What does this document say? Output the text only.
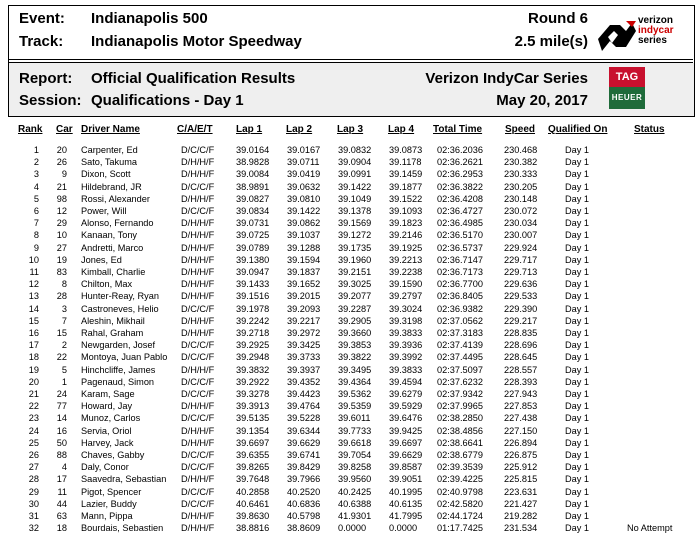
Event: Indianapolis 500
Track: Indianapolis Motor Speedway
Round 6
2.5 mile(s)
Report: Official Qualification Results
Session: Qualifications - Day 1
Verizon IndyCar Series
May 20, 2017
verizon
indycar
series
TAG
HEUER
Rank Car Driver Name	C/A/E/T Lap 1 Lap 2 Lap 3 Lap 4 Total Time Speed Qualified On	Status
1 20 Carpenter, Ed	D/C/C/F 39.0164 39.0167 39.0832 39.0873 02:36.2036 230.468	Day 1
2 26 Sato, Takuma	D/H/H/F 38.9828 39.0711 39.0904 39.1178 02:36.2621 230.382	Day 1
3 9 Dixon, Scott	D/H/H/F 39.0084 39.0419 39.0991 39.1459 02:36.2953 230.333	Day 1
4 21 Hildebrand, JR	D/C/C/F 38.9891 39.0632 39.1422 39.1877 02:36.3822 230.205	Day 1
5 98 Rossi, Alexander	D/H/H/F 39.0827 39.0810 39.1049 39.1522 02:36.4208 230.148	Day 1
6 12 Power, Will	D/C/C/F 39.0834 39.1422 39.1378 39.1093 02:36.4727 230.072	Day 1
7 29 Alonso, Fernando	D/H/H/F 39.0731 39.0862 39.1569 39.1823 02:36.4985 230.034	Day 1
8 10 Kanaan, Tony	D/H/H/F 39.0725 39.1037 39.1272 39.2146 02:36.5170 230.007	Day 1
9 27 Andretti, Marco	D/H/H/F 39.0789 39.1288 39.1735 39.1925 02:36.5737 229.924	Day 1
10 19 Jones, Ed	D/H/H/F 39.1380 39.1594 39.1960 39.2213 02:36.7147 229.717	Day 1
11 83 Kimball, Charlie	D/H/H/F 39.0947 39.1837 39.2151 39.2238 02:36.7173 229.713	Day 1
12 8 Chilton, Max	D/H/H/F 39.1433 39.1652 39.3025 39.1590 02:36.7700 229.636	Day 1
13 28 Hunter-Reay, Ryan D/H/H/F 39.1516 39.2015 39.2077 39.2797 02:36.8405 229.533	Day 1
14 3 Castroneves, Helio D/C/C/F 39.1978 39.2093 39.2287 39.3024 02:36.9382 229.390	Day 1
15 7 Aleshin, Mikhail	D/H/H/F 39.2242 39.2217 39.2905 39.3198 02:37.0562 229.217	Day 1
16 15 Rahal, Graham	D/H/H/F 39.2718 39.2972 39.3660 39.3833 02:37.3183 228.835	Day 1
17 2 Newgarden, Josef	D/C/C/F 39.2925 39.3425 39.3853 39.3936 02:37.4139 228.696	Day 1
18 22 Montoya, Juan Pablo D/C/C/F 39.2948 39.3733 39.3822 39.3992 02:37.4495 228.645	Day 1
19 5 Hinchcliffe, James	D/H/H/F 39.3832 39.3937 39.3495 39.3833 02:37.5097 228.557	Day 1
20 1 Pagenaud, Simon	D/C/C/F 39.2922 39.4352 39.4364 39.4594 02:37.6232 228.393	Day 1
21 24 Karam, Sage	D/C/C/F 39.3278 39.4423 39.5362 39.6279 02:37.9342 227.943	Day 1
22 77 Howard, Jay	D/H/H/F 39.3913 39.4764 39.5359 39.5929 02:37.9965 227.853	Day 1
23 14 Munoz, Carlos	D/C/C/F 39.5135 39.5228 39.6011 39.6476 02:38.2850 227.438	Day 1
24 16 Servia, Oriol	D/H/H/F 39.1354 39.6344 39.7733 39.9425 02:38.4856 227.150	Day 1
25 50 Harvey, Jack	D/H/H/F 39.6697 39.6629 39.6618 39.6697 02:38.6641 226.894	Day 1
26 88 Chaves, Gabby	D/C/C/F 39.6355 39.6741 39.7054 39.6629 02:38.6779 226.875	Day 1
27 4 Daly, Conor	D/C/C/F 39.8265 39.8429 39.8258 39.8587 02:39.3539 225.912	Day 1
28 17 Saavedra, Sebastian D/H/H/F 39.7648 39.7966 39.9560 39.9051 02:39.4225 225.815	Day 1
29 11 Pigot, Spencer	D/C/C/F 40.2858 40.2520 40.2425 40.1995 02:40.9798 223.631	Day 1
30 44 Lazier, Buddy	D/C/C/F 40.6461 40.6836 40.6388 40.6135 02:42.5820 221.427	Day 1
31 63 Mann, Pippa	D/H/H/F 39.8630 40.5798 41.9301 41.7995 02:44.1724 219.282	Day 1
32 18 Bourdais, Sebastien D/H/H/F 38.8816 38.8609 0.0000 0.0000 01:17.7425 231.534	Day 1	No Attempt
